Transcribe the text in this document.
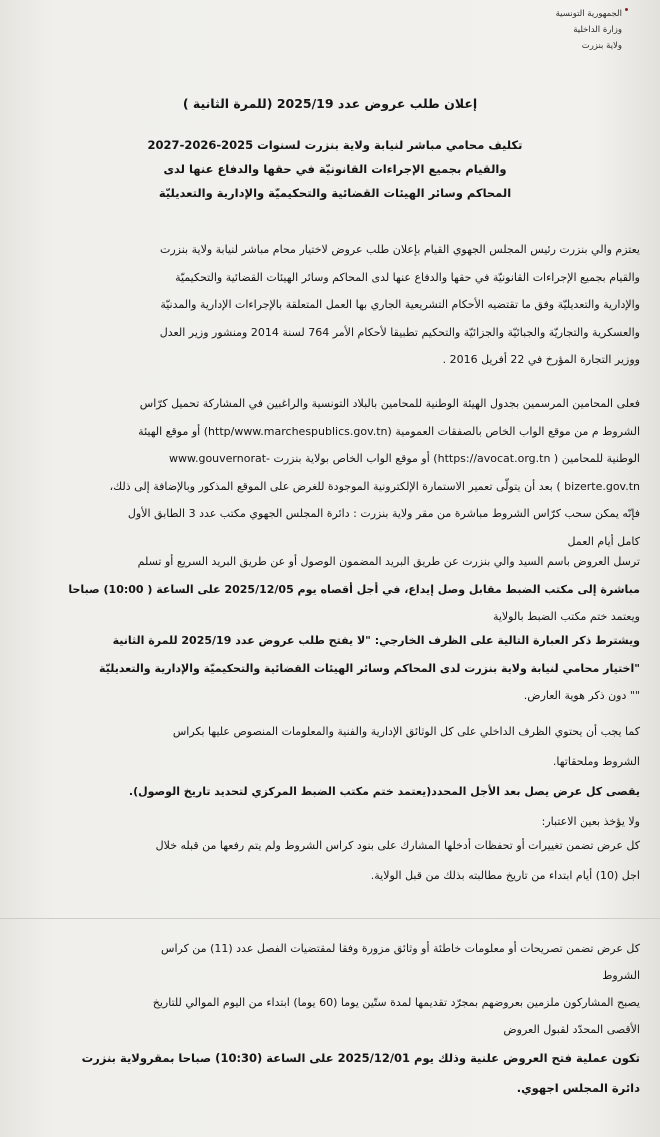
الجمهورية التونسية
وزارة الداخلية
ولاية بنزرت

إعلان طلب عروض عدد 2025/19 (للمرة الثانية )

تكليف محامي مباشر لنيابة ولاية بنزرت لسنوات 2025-2026-2027
والقيام بجميع الإجراءات القانونيّة في حقها والدفاع عنها لدى
المحاكم وسائر الهيئات القضائية والتحكيميّة والإدارية والتعديليّة
يعتزم والي بنزرت رئيس المجلس الجهوي القيام بإعلان طلب عروض لاختيار محام مباشر لنيابة ولاية بنزرت
والقيام بجميع الإجراءات القانونيّة في حقها والدفاع عنها لدى المحاكم وسائر الهيئات القضائية والتحكيميّة
والإدارية والتعديليّة وفق ما تقتضيه الأحكام التشريعية الجاري بها العمل المتعلقة بالإجراءات الإدارية والمدنيّة
والعسكرية والتجاريّة والجبائيّة والجزائيّة والتحكيم تطبيقا لأحكام الأمر 764 لسنة 2014 ومنشور وزير العدل
ووزير التجارة المؤرخ في 22 أفريل 2016 .
فعلى المحامين المرسمين بجدول الهيئة الوطنية للمحامين بالبلاد التونسية والراغبين في المشاركة تحميل كرّاس
الشروط م من موقع الواب الخاص بالصفقات العمومية (http/www.marchespublics.gov.tn) أو موقع الهيئة
الوطنية للمحامين ( https://avocat.org.tn) أو موقع الواب الخاص بولاية بنزرت -www.gouvernorat
bizerte.gov.tn ) بعد أن يتولّى تعمير الاستمارة الإلكترونية الموجودة للغرض على الموقع المذكور وبالإضافة إلى ذلك،
فإنّه يمكن سحب كرّاس الشروط مباشرة من مقر ولاية بنزرت : دائرة المجلس الجهوي مكتب عدد 3 الطابق الأول
كامل أيام العمل
ترسل العروض باسم السيد والي بنزرت عن طريق البريد المضمون الوصول أو عن طريق البريد السريع أو تسلم
مباشرة إلى مكتب الضبط مقابل وصل إيداع، في أجل أقصاه يوم 2025/12/05 على الساعة ( 10:00) صباحا
ويعتمد ختم مكتب الضبط بالولاية
ويشترط ذكر العبارة التالية على الظرف الخارجي: "لا يفتح طلب عروض عدد 2025/19 للمرة الثانية
"اختيار محامي لنيابة ولاية بنزرت لدى المحاكم وسائر الهيئات القضائية والتحكيميّة والإدارية والتعديليّة
"" دون ذكر هوية العارض.
كما يجب أن يحتوي الظرف الداخلي على كل الوثائق الإدارية والفنية والمعلومات المنصوص عليها بكراس
الشروط وملحقاتها.
يقصى كل عرض يصل بعد الأجل المحدد(يعتمد ختم مكتب الضبط المركزي لتحديد تاريخ الوصول).
ولا يؤخذ بعين الاعتبار:
كل عرض تضمن تغييرات أو تحفظات أدخلها المشارك على بنود كراس الشروط ولم يتم رفعها من قبله خلال
اجل (10) أيام ابتداء من تاريخ مطالبته بذلك من قبل الولاية.
كل عرض تضمن تصريحات أو معلومات خاطئة أو وثائق مزورة وفقا لمقتضيات الفصل عدد (11) من كراس
الشروط
يصبح المشاركون ملزمين بعروضهم بمجرّد تقديمها لمدة ستّين يوما (60 يوما) ابتداء من اليوم الموالي للتاريخ
الأقصى المحدّد لقبول العروض
تكون عملية فتح العروض علنية وذلك يوم 2025/12/01 على الساعة (10:30) صباحا بمقرولاية بنزرت
دائرة المجلس اجهوي.
